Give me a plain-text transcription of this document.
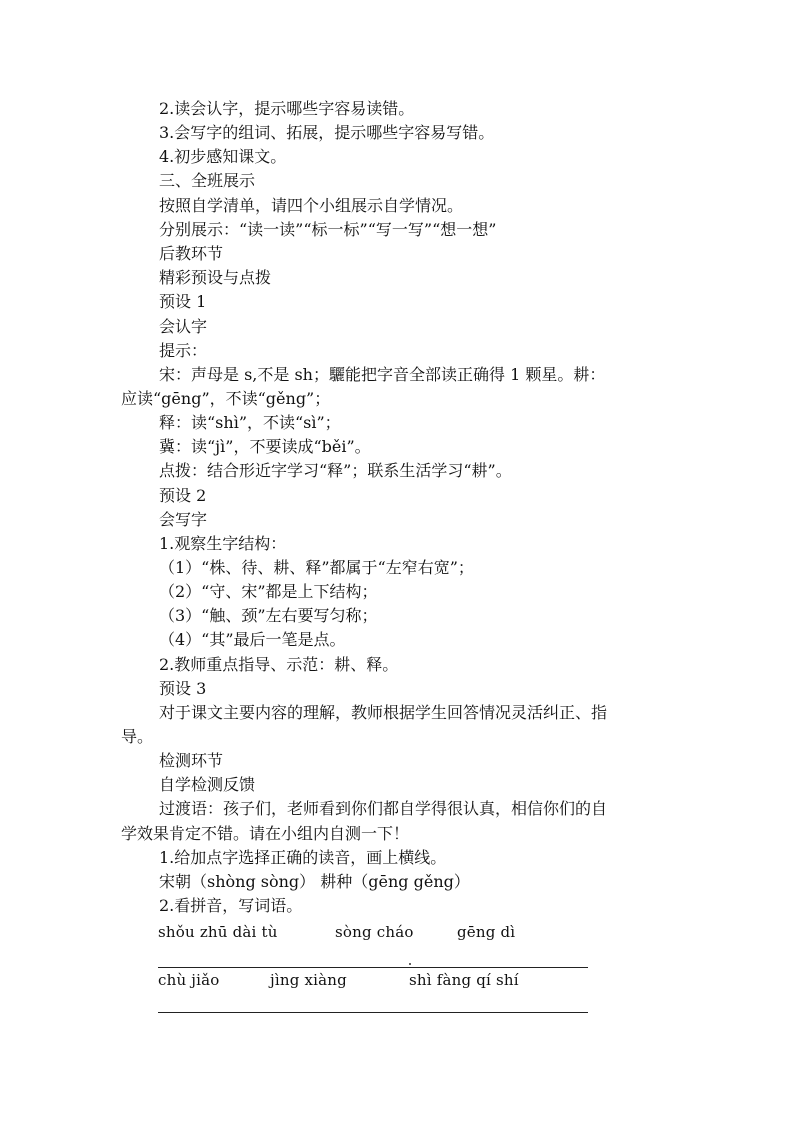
2.读会认字，提示哪些字容易读错。
3.会写字的组词、拓展，提示哪些字容易写错。
4.初步感知课文。
三、全班展示
按照自学清单，请四个小组展示自学情况。
分别展示：“读一读”“标一标”“写一写”“想一想”
后教环节
精彩预设与点拨
预设 1
会认字
提示：
宋：声母是 s,不是 sh；驪能把字音全部读正确得 1 颗星。耕：
应读“gēng”，不读“gěng”；
释：读“shì”，不读“sì”；
冀：读“jì”，不要读成“běi”。
点拨：结合形近字学习“释”；联系生活学习“耕”。
预设 2
会写字
1.观察生字结构：
（1）“株、待、耕、释”都属于“左窄右宽”；
（2）“守、宋”都是上下结构；
（3）“触、颈”左右要写匀称；
（4）“其”最后一笔是点。
2.教师重点指导、示范：耕、释。
预设 3
对于课文主要内容的理解，教师根据学生回答情况灵活纠正、指
导。
检测环节
自学检测反馈
过渡语：孩子们，老师看到你们都自学得很认真，相信你们的自
学效果肯定不错。请在小组内自测一下！
1.给加点字选择正确的读音，画上横线。
宋朝（shòng sòng） 耕种（gēng gěng）
2.看拼音，写词语。
shǒu zhū dài tù	sòng cháo	gēng dì
chù jiǎo	jìng xiàng	shì fàng qí shí
